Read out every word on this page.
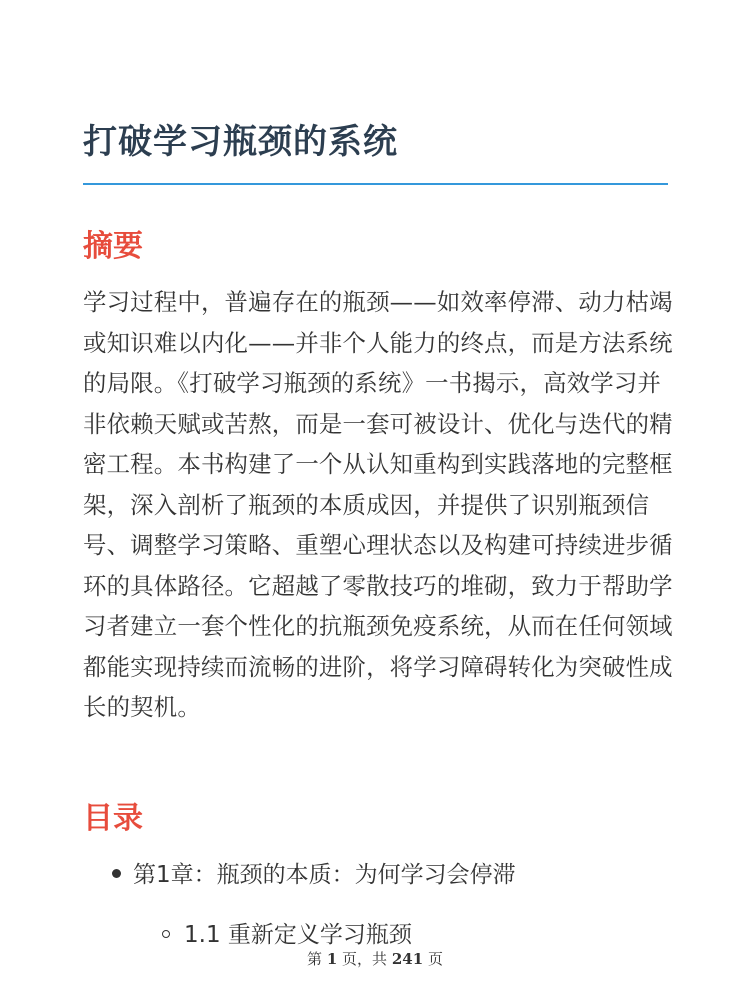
打破学习瓶颈的系统
摘要

学习过程中，普遍存在的瓶颈——如效率停滞、动力枯竭或知识难以内化——并非个人能力的终点，而是方法系统的局限。《打破学习瓶颈的系统》一书揭示，高效学习并非依赖天赋或苦熬，而是一套可被设计、优化与迭代的精密工程。本书构建了一个从认知重构到实践落地的完整框架，深入剖析了瓶颈的本质成因，并提供了识别瓶颈信号、调整学习策略、重塑心理状态以及构建可持续进步循环的具体路径。它超越了零散技巧的堆砌，致力于帮助学习者建立一套个性化的抗瓶颈免疫系统，从而在任何领域都能实现持续而流畅的进阶，将学习障碍转化为突破性成长的契机。

目录
第1章：瓶颈的本质：为何学习会停滞
1.1 重新定义学习瓶颈
第 1 页，共 241 页
